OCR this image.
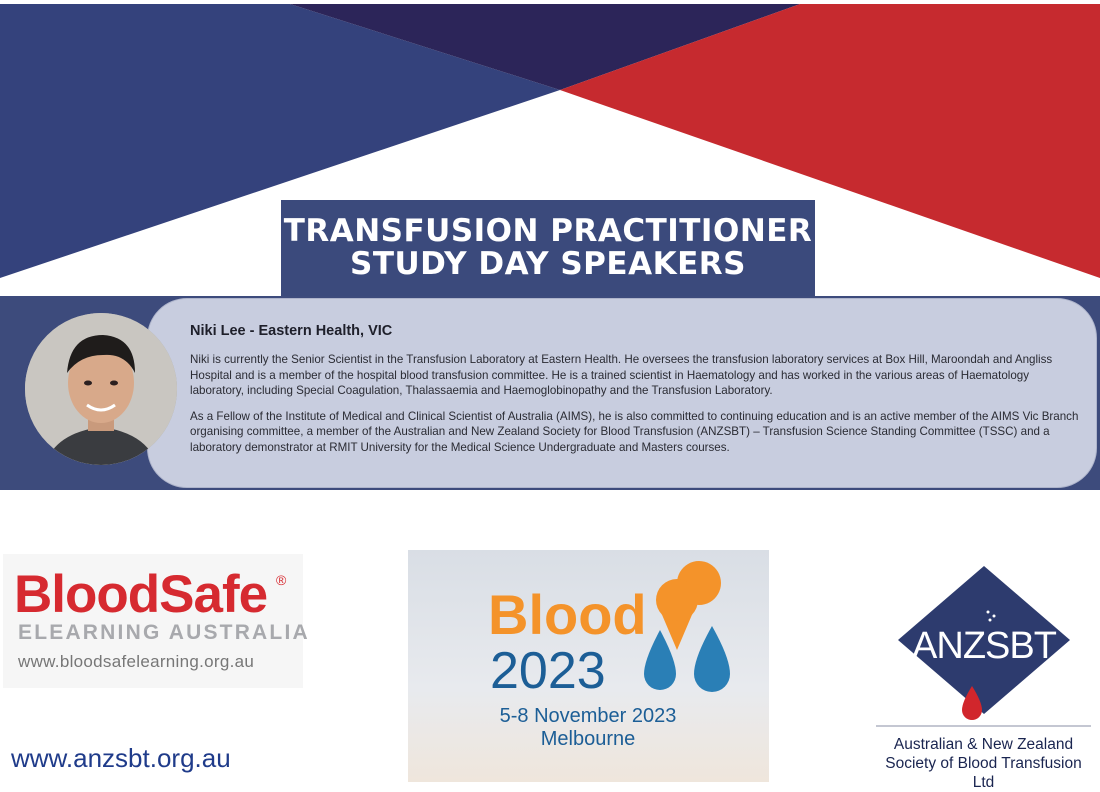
TRANSFUSION PRACTITIONER
STUDY DAY SPEAKERS
Niki Lee - Eastern Health, VIC

Niki is currently the Senior Scientist in the Transfusion Laboratory at Eastern Health. He oversees the transfusion laboratory services at Box Hill, Maroondah and Angliss Hospital and is a member of the hospital blood transfusion committee. He is a trained scientist in Haematology and has worked in the various areas of Haematology laboratory, including Special Coagulation, Thalassaemia and Haemoglobinopathy and the Transfusion Laboratory.

As a Fellow of the Institute of Medical and Clinical Scientist of Australia (AIMS), he is also committed to continuing education and is an active member of the AIMS Vic Branch organising committee, a member of the Australian and New Zealand Society for Blood Transfusion (ANZSBT) – Transfusion Science Standing Committee (TSSC) and a laboratory demonstrator at RMIT University for the Medical Science Undergraduate and Masters courses.

BloodSafe ®
ELEARNING AUSTRALIA
www.bloodsafelearning.org.au
Blood
2023
5-8 November 2023
Melbourne
ANZSBT
Australian & New Zealand
Society of Blood Transfusion Ltd
www.anzsbt.org.au
